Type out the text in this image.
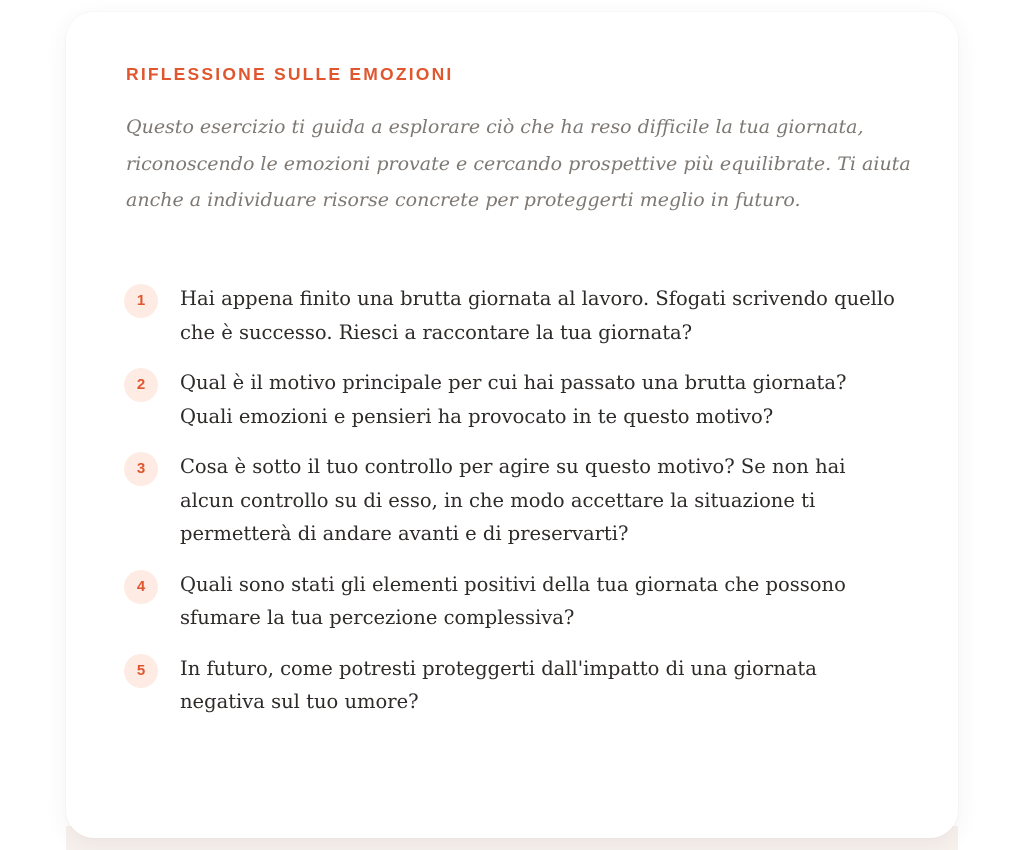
RIFLESSIONE SULLE EMOZIONI

Questo esercizio ti guida a esplorare ciò che ha reso difficile la tua giornata, riconoscendo le emozioni provate e cercando prospettive più equilibrate. Ti aiuta anche a individuare risorse concrete per proteggerti meglio in futuro.

1	Hai appena finito una brutta giornata al lavoro. Sfogati scrivendo quello che è successo. Riesci a raccontare la tua giornata?
2	Qual è il motivo principale per cui hai passato una brutta giornata? Quali emozioni e pensieri ha provocato in te questo motivo?
3	Cosa è sotto il tuo controllo per agire su questo motivo? Se non hai alcun controllo su di esso, in che modo accettare la situazione ti permetterà di andare avanti e di preservarti?
4	Quali sono stati gli elementi positivi della tua giornata che possono sfumare la tua percezione complessiva?
5	In futuro, come potresti proteggerti dall'impatto di una giornata negativa sul tuo umore?
